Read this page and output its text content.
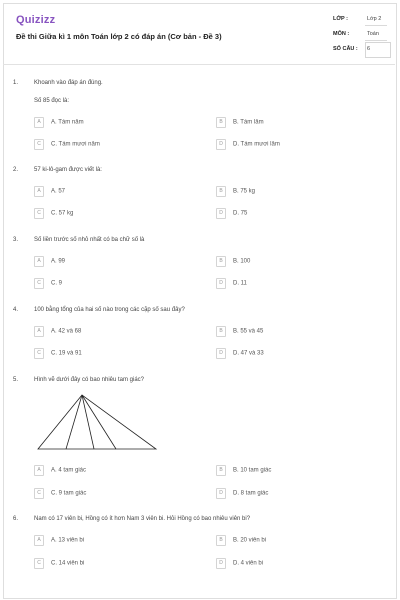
Quizizz
Đề thi Giữa kì 1 môn Toán lớp 2 có đáp án (Cơ bản - Đề 3)
LỚP :	Lớp 2
MÔN :	Toán
SỐ CÂU : 6
1.	Khoanh vào đáp án đúng.
Số 85 đọc là:
A A. Tám năm	B B. Tám lăm
C C. Tám mươi năm	D D. Tám mươi lăm
2.	57 ki-lô-gam được viết là:
A A. 57	B B. 75 kg
C C. 57 kg	D D. 75
3.	Số liền trước số nhỏ nhất có ba chữ số là
A A. 99	B B. 100
C C. 9	D D. 11
4.	100 bằng tổng của hai số nào trong các cặp số sau đây?
A A. 42 và 68	B B. 55 và 45
C C. 19 và 91	D D. 47 và 33
5.	Hình vẽ dưới đây có bao nhiêu tam giác?
A A. 4 tam giác	B B. 10 tam giác
C C. 9 tam giác	D D. 8 tam giác
6.	Nam có 17 viên bi, Hồng có ít hơn Nam 3 viên bi. Hỏi Hồng có bao nhiêu viên bi?
A A. 13 viên bi	B B. 20 viên bi
C C. 14 viên bi	D D. 4 viên bi
